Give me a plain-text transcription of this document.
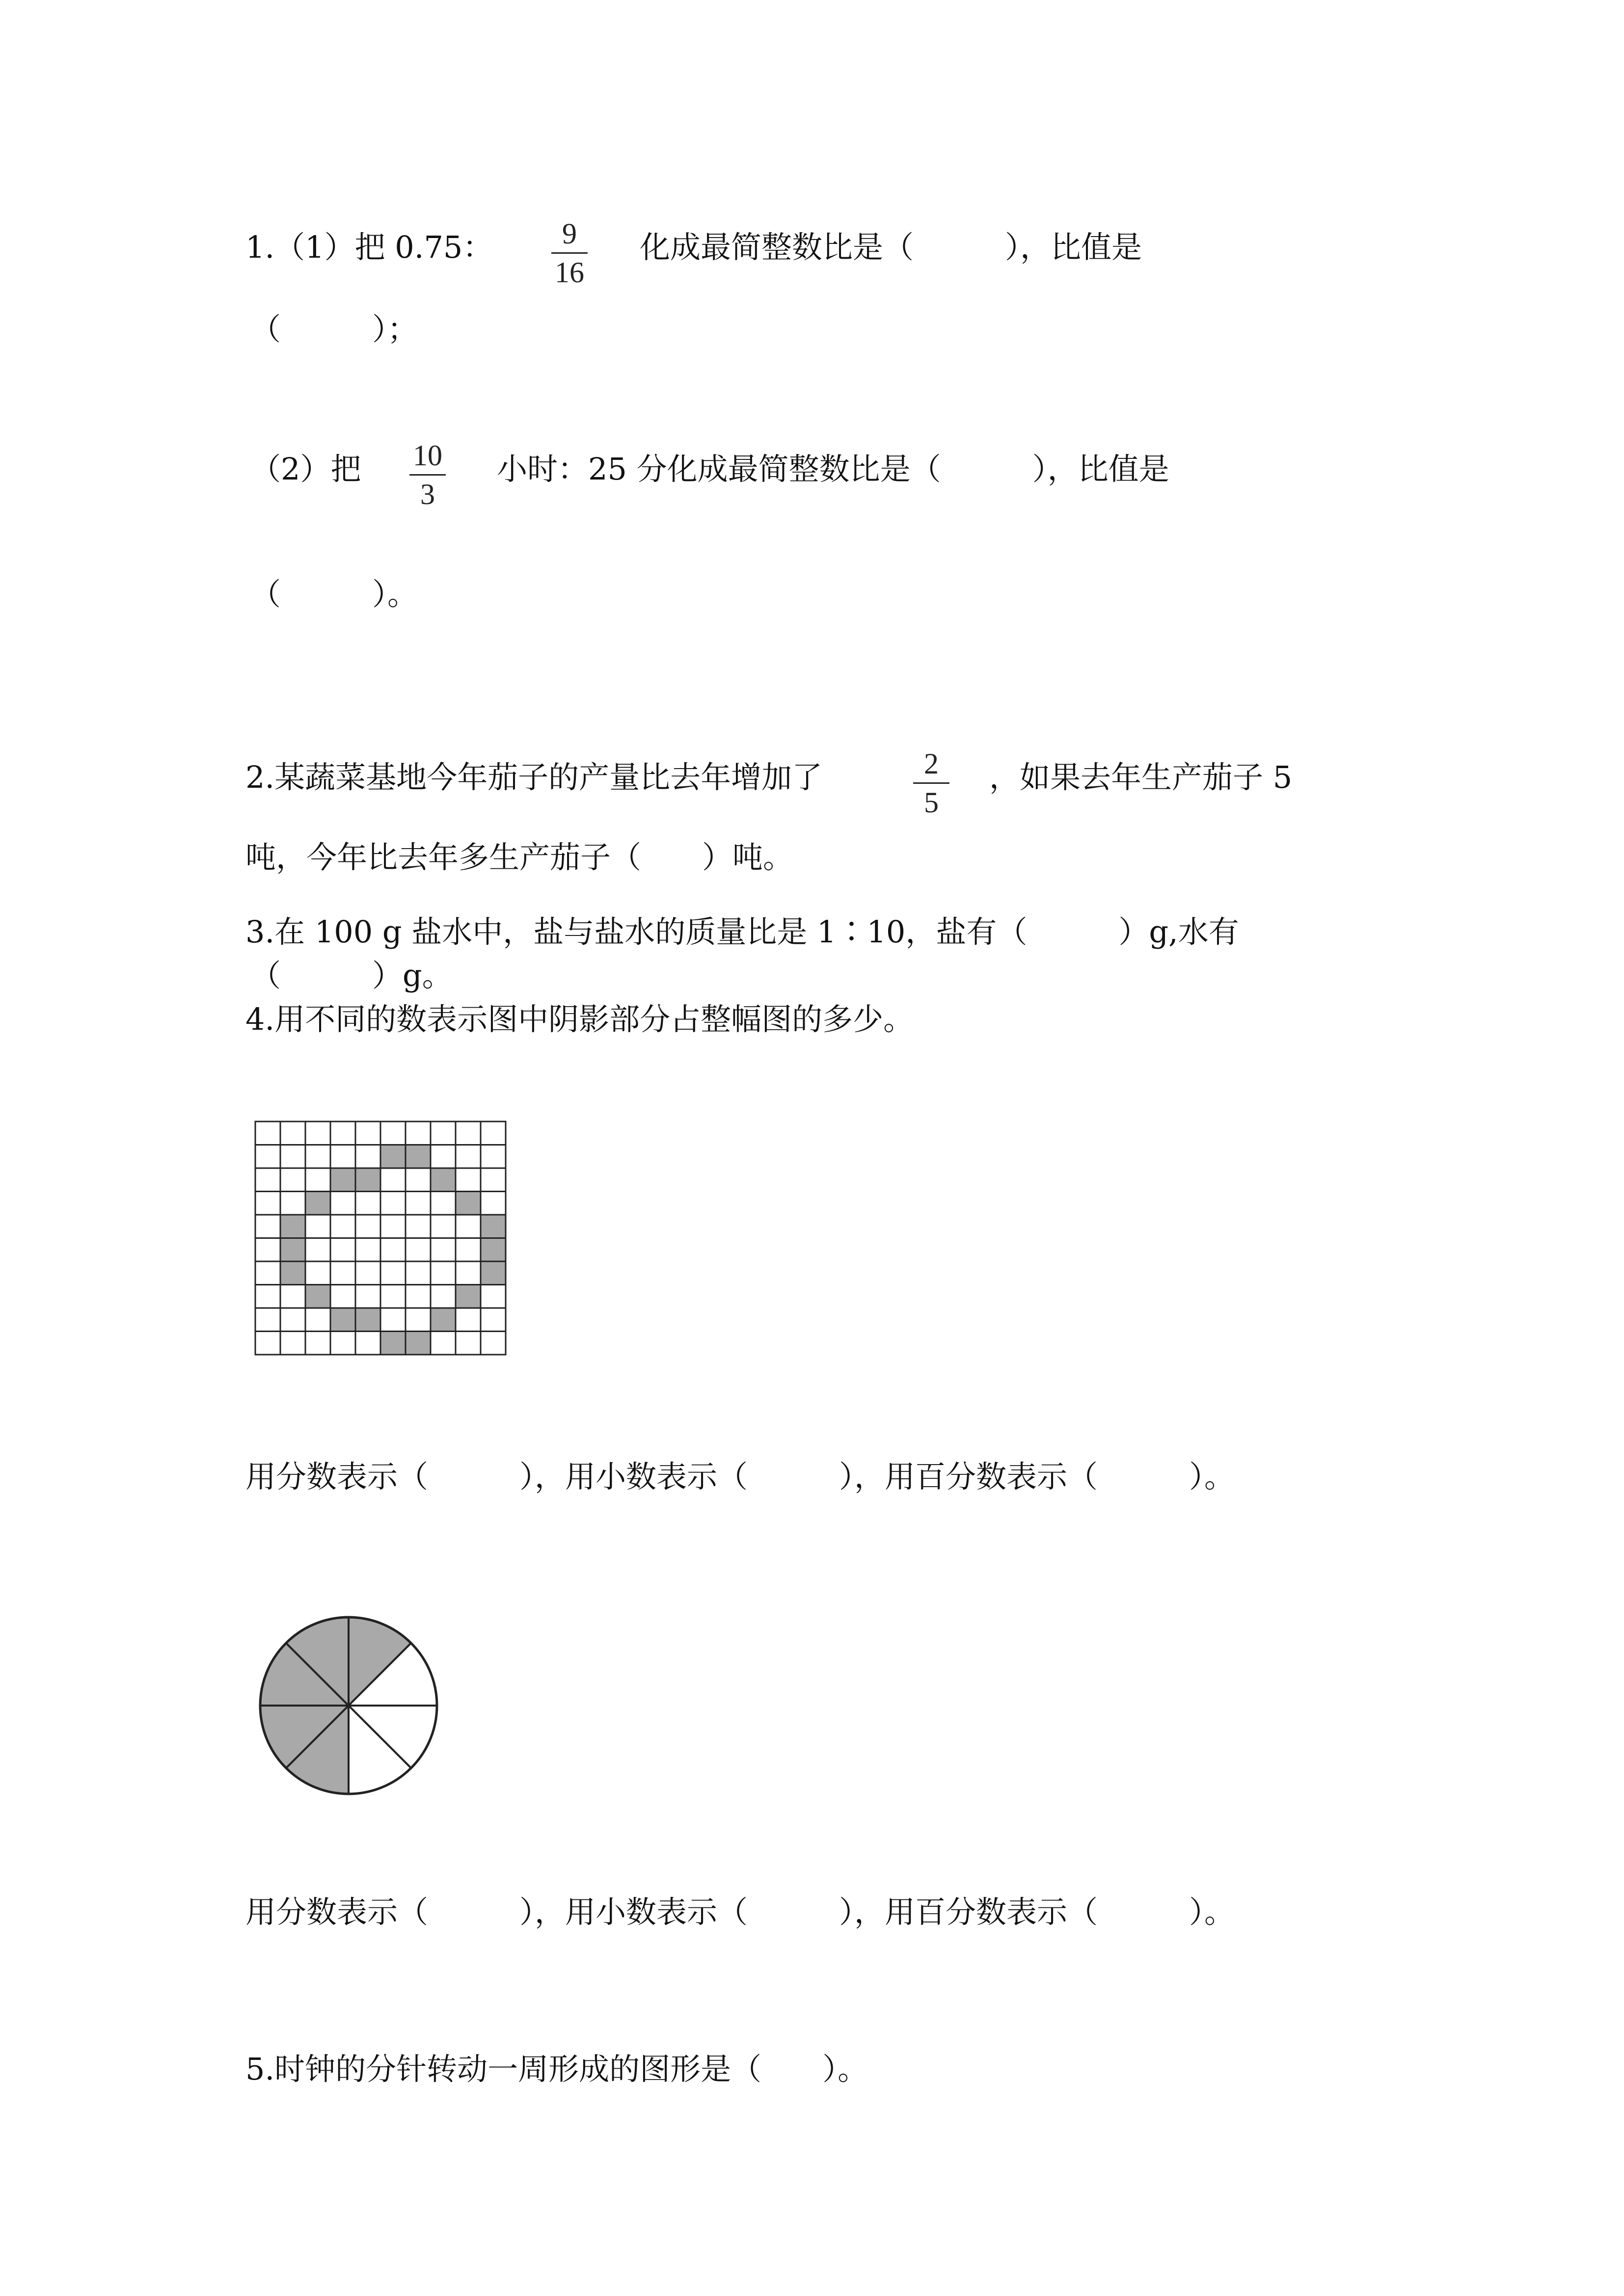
1.（1）把 0.75：	9
16
化成最简整数比是（　　　），比值是
（　　　）；
（2）把 10
3
小时：25 分化成最简整数比是（　　　），比值是
（　　　）。
2.某蔬菜基地今年茄子的产量比去年增加了	2
5
，如果去年生产茄子 5
吨，今年比去年多生产茄子（　　）吨。
3.在 100 g 盐水中，盐与盐水的质量比是 1∶10，盐有（　　　）g,水有
（　　　）g。
4.用不同的数表示图中阴影部分占整幅图的多少。
用分数表示（　　　），用小数表示（　　　），用百分数表示（　　　）。
用分数表示（　　　），用小数表示（　　　），用百分数表示（　　　）。
5.时钟的分针转动一周形成的图形是（　　）。
